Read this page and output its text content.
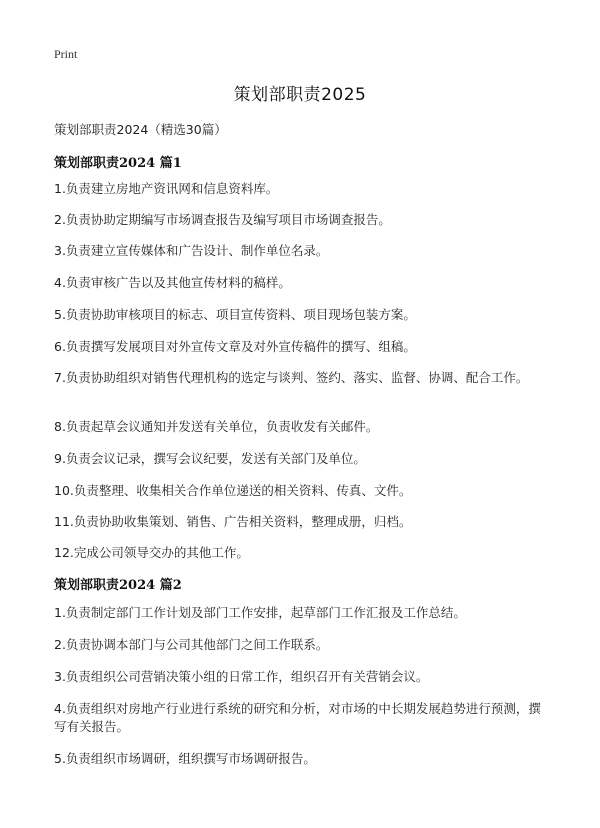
Print
策划部职责2025
策划部职责2024（精选30篇）
策划部职责2024 篇1
1.负责建立房地产资讯网和信息资料库。
2.负责协助定期编写市场调查报告及编写项目市场调查报告。
3.负责建立宣传媒体和广告设计、制作单位名录。
4.负责审核广告以及其他宣传材料的稿样。
5.负责协助审核项目的标志、项目宣传资料、项目现场包装方案。
6.负责撰写发展项目对外宣传文章及对外宣传稿件的撰写、组稿。
7.负责协助组织对销售代理机构的选定与谈判、签约、落实、监督、协调、配合工作。
8.负责起草会议通知并发送有关单位，负责收发有关邮件。
9.负责会议记录，撰写会议纪要，发送有关部门及单位。
10.负责整理、收集相关合作单位递送的相关资料、传真、文件。
11.负责协助收集策划、销售、广告相关资料，整理成册，归档。
12.完成公司领导交办的其他工作。
策划部职责2024 篇2
1.负责制定部门工作计划及部门工作安排，起草部门工作汇报及工作总结。
2.负责协调本部门与公司其他部门之间工作联系。
3.负责组织公司营销决策小组的日常工作，组织召开有关营销会议。
4.负责组织对房地产行业进行系统的研究和分析，对市场的中长期发展趋势进行预测，撰写有关报告。
5.负责组织市场调研，组织撰写市场调研报告。
